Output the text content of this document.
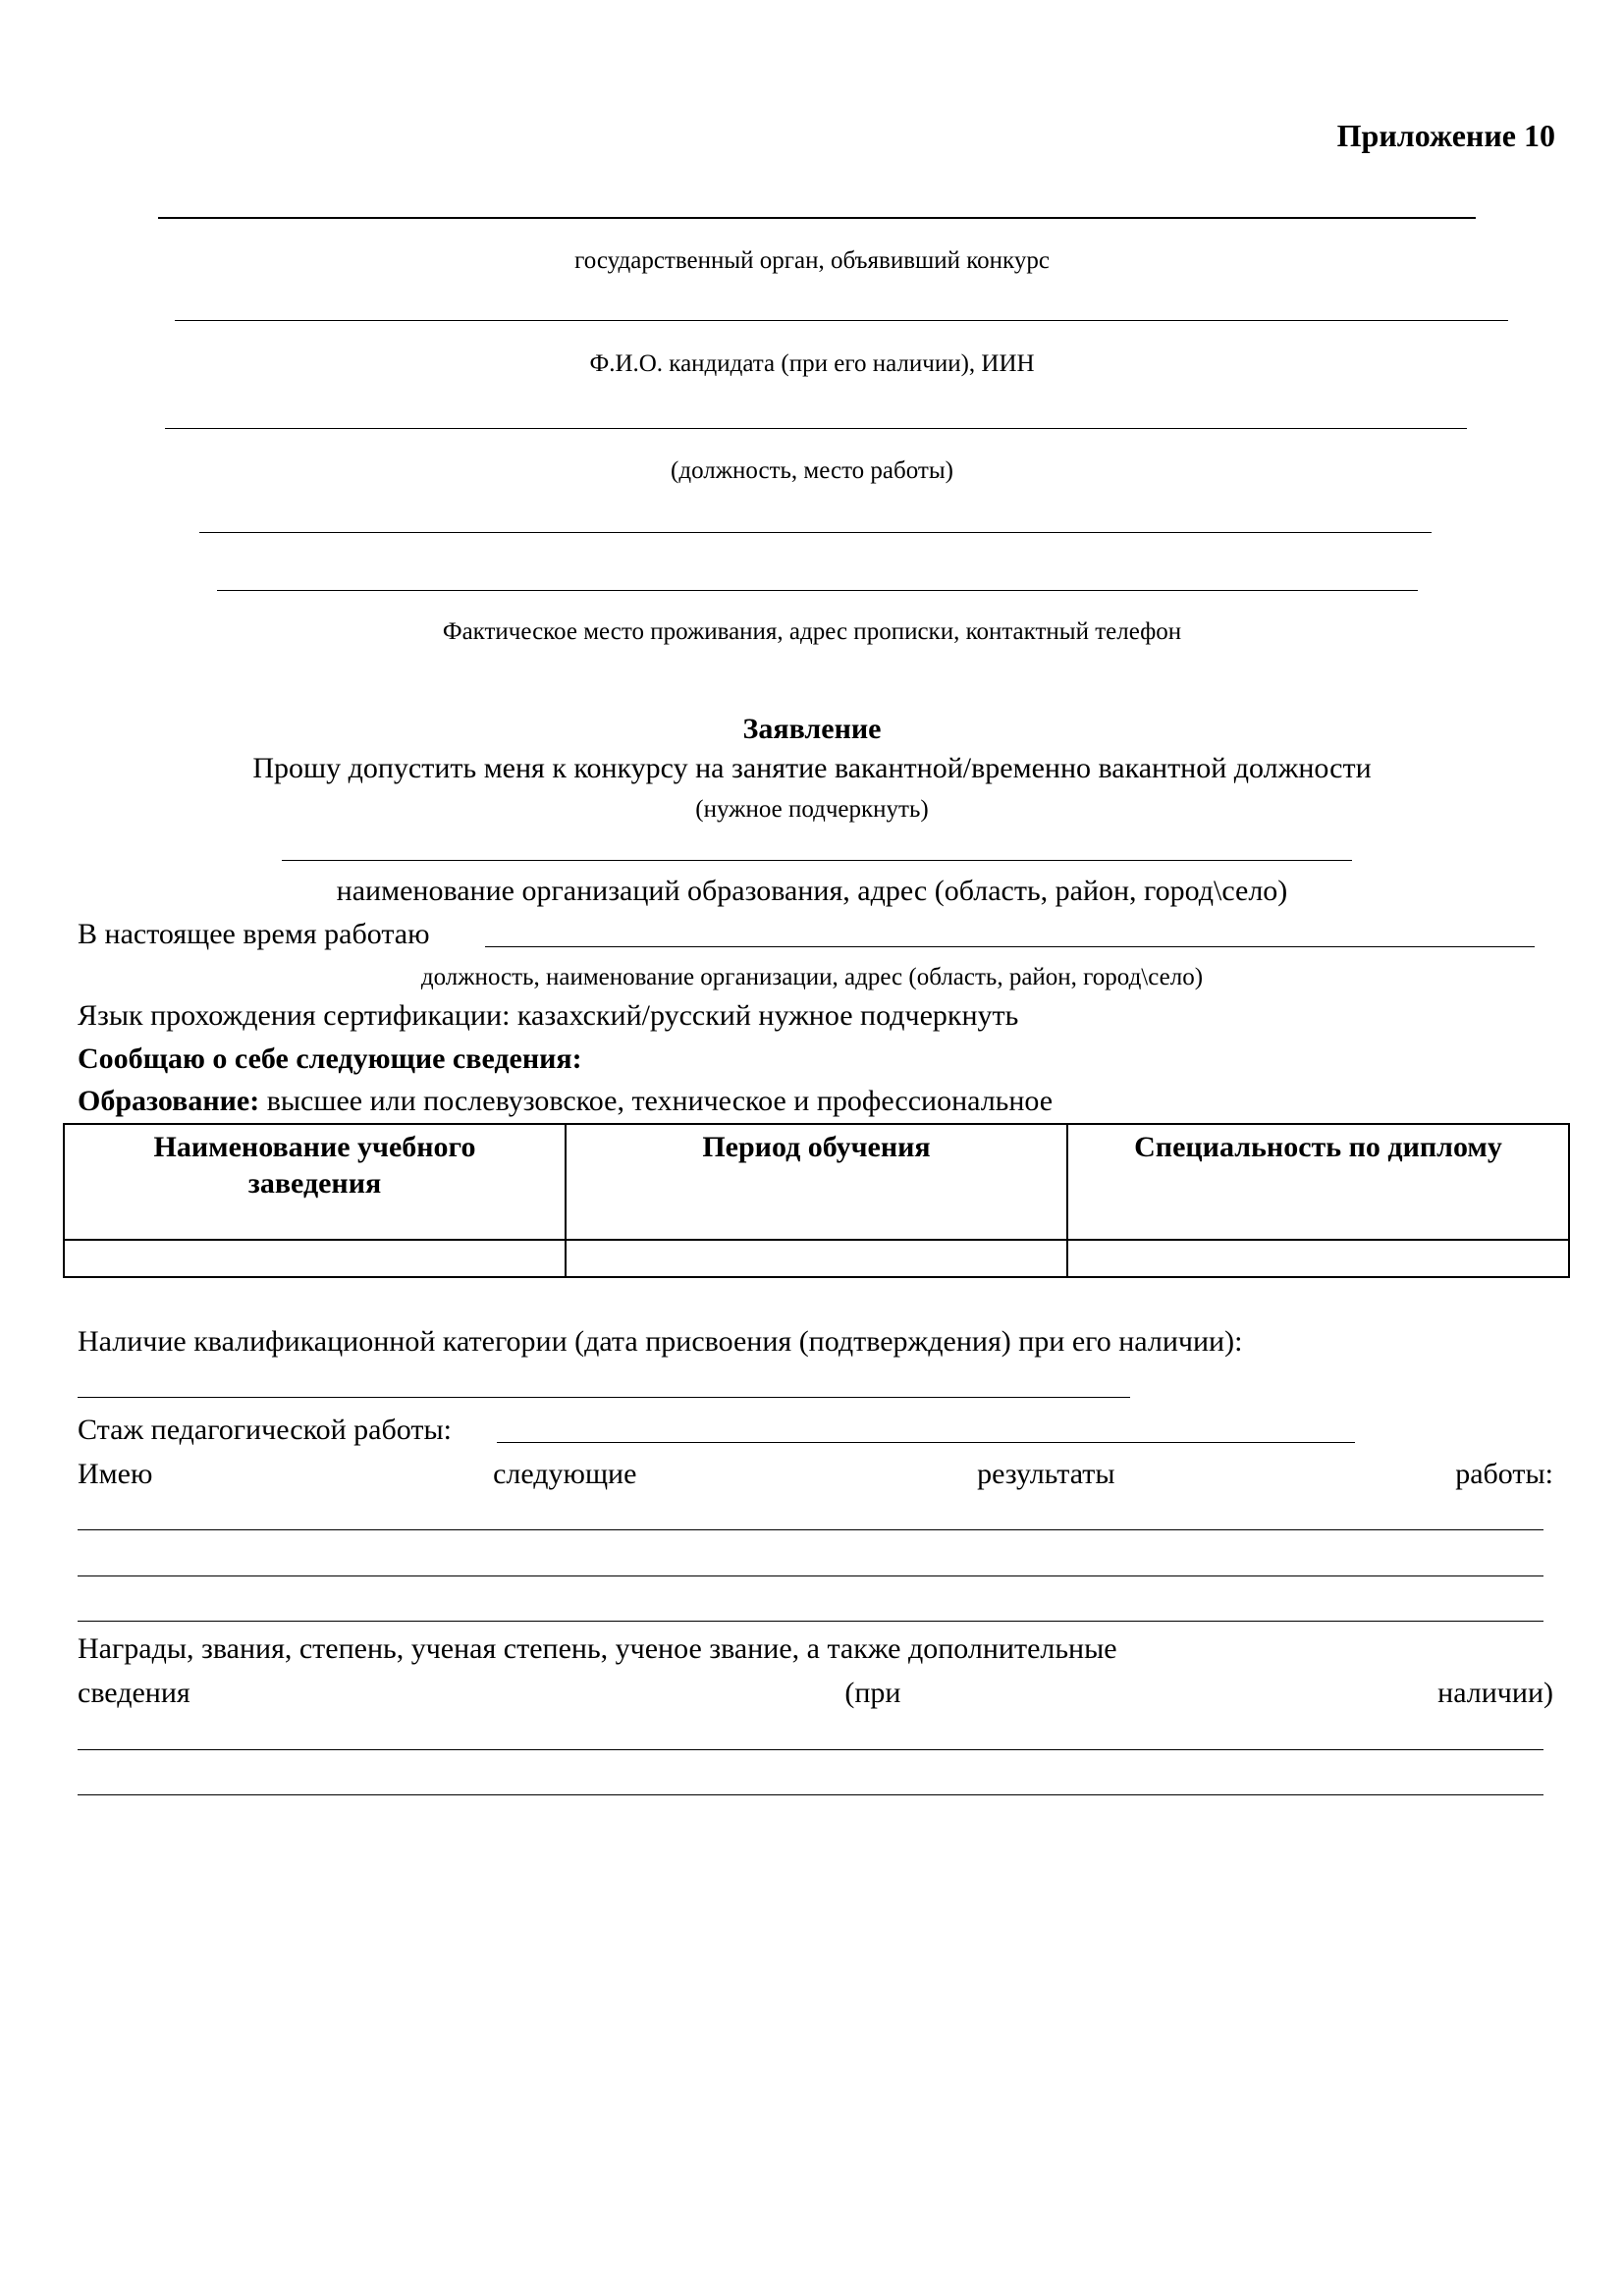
Приложение 10
государственный орган, объявивший конкурс
Ф.И.О. кандидата (при его наличии), ИИН
(должность, место работы)
Фактическое место проживания, адрес прописки, контактный телефон
Заявление
Прошу допустить меня к конкурсу на занятие вакантной/временно вакантной должности
(нужное подчеркнуть)
наименование организаций образования, адрес (область, район, город\село)
В настоящее время работаю
должность, наименование организации, адрес (область, район, город\село)
Язык прохождения сертификации: казахский/русский нужное подчеркнуть
Сообщаю о себе следующие сведения:
Образование: высшее или послевузовское, техническое и профессиональное
Наименование учебного заведения	Период обучения	Специальность по диплому

Наличие квалификационной категории (дата присвоения (подтверждения) при его наличии):
Стаж педагогической работы:
Имею	следующие	результаты	работы:
Награды, звания, степень, ученая степень, ученое звание, а также дополнительные
сведения	(при	наличии)
